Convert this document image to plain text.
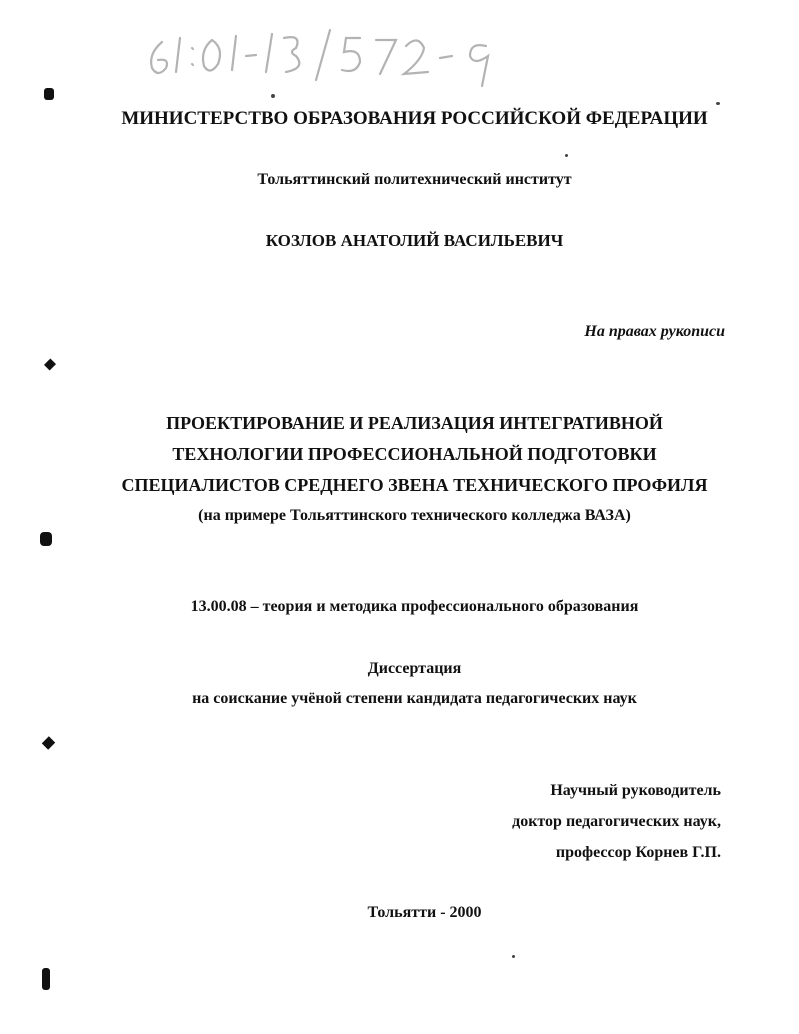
МИНИСТЕРСТВО ОБРАЗОВАНИЯ РОССИЙСКОЙ ФЕДЕРАЦИИ
Тольяттинский политехнический институт
КОЗЛОВ АНАТОЛИЙ ВАСИЛЬЕВИЧ
На правах рукописи
ПРОЕКТИРОВАНИЕ И РЕАЛИЗАЦИЯ ИНТЕГРАТИВНОЙ
ТЕХНОЛОГИИ ПРОФЕССИОНАЛЬНОЙ ПОДГОТОВКИ
СПЕЦИАЛИСТОВ СРЕДНЕГО ЗВЕНА ТЕХНИЧЕСКОГО ПРОФИЛЯ
(на примере Тольяттинского технического колледжа ВАЗА)
13.00.08 – теория и методика профессионального образования
Диссертация
на соискание учёной степени кандидата педагогических наук
Научный руководитель
доктор педагогических наук,
профессор Корнев Г.П.
Тольятти - 2000
